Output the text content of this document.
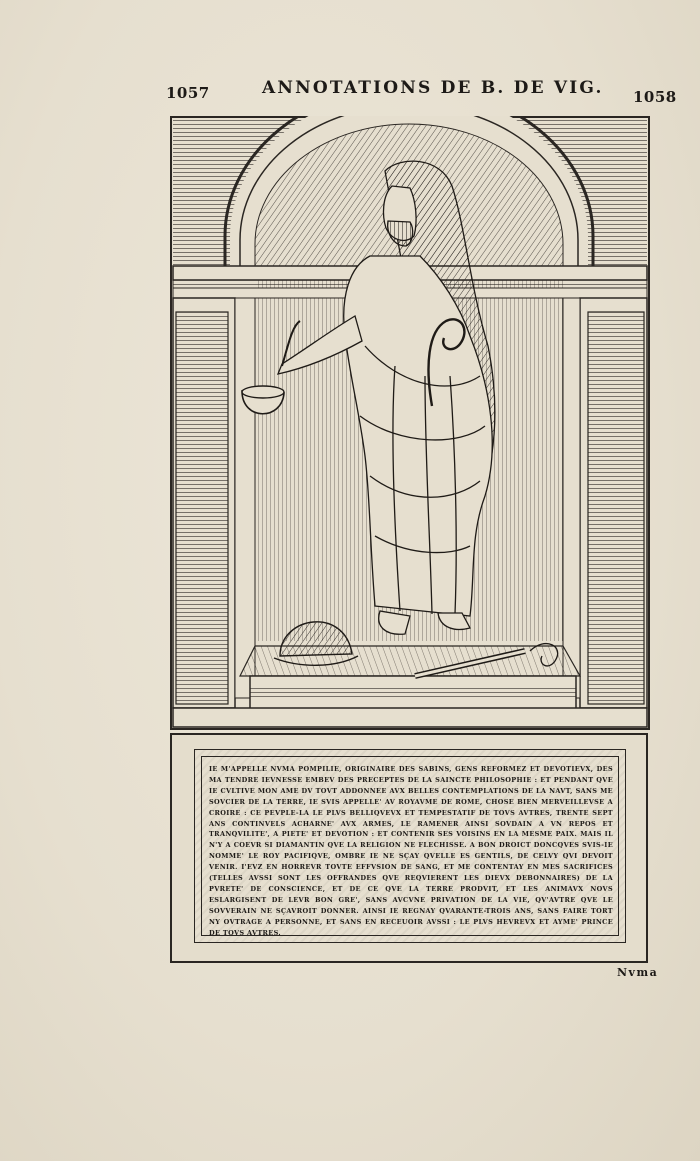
1057	ANNOTATIONS DE B. DE VIG. 1058
IE M'APPELLE NVMA POMPILIE, ORIGINAIRE DES SABINS, GENS REFORMEZ ET DEVOTIEVX, DES MA TENDRE IEVNESSE EMBEV DES PRECEPTES DE LA SAINCTE PHILOSOPHIE : ET PENDANT QVE IE CVLTIVE MON AME DV TOVT ADDONNEE AVX BELLES CONTEMPLATIONS DE LA NAVT, SANS ME SOVCIER DE LA TERRE, IE SVIS APPELLE' AV ROYAVME DE ROME, CHOSE BIEN MERVEILLEVSE A CROIRE : CE PEVPLE-LA LE PLVS BELLIQVEVX ET TEMPESTATIF DE TOVS AVTRES, TRENTE SEPT ANS CONTINVELS ACHARNE' AVX ARMES, LE RAMENER AINSI SOVDAIN A VN REPOS ET TRANQVILITE', A PIETE' ET DEVOTION : ET CONTENIR SES VOISINS EN LA MESME PAIX. MAIS IL N'Y A COEVR SI DIAMANTIN QVE LA RELIGION NE FLECHISSE. A BON DROICT DONCQVES SVIS-IE NOMME' LE ROY PACIFIQVE, OMBRE IE NE SÇAY QVELLE ES GENTILS, DE CELVY QVI DEVOIT VENIR. I'EVZ EN HORREVR TOVTE EFFVSION DE SANG, ET ME CONTENTAY EN MES SACRIFICES (TELLES AVSSI SONT LES OFFRANDES QVE REQVIERENT LES DIEVX DEBONNAIRES) DE LA PVRETE' DE CONSCIENCE, ET DE CE QVE LA TERRE PRODVIT, ET LES ANIMAVX NOVS ESLARGISENT DE LEVR BON GRE', SANS AVCVNE PRIVATION DE LA VIE, QV'AVTRE QVE LE SOVVERAIN NE SÇAVROIT DONNER. AINSI IE REGNAY QVARANTE-TROIS ANS, SANS FAIRE TORT NY OVTRAGE A PERSONNE, ET SANS EN RECEUOIR AVSSI : LE PLVS HEVREVX ET AYME' PRINCE DE TOVS AVTRES.
Nvma
